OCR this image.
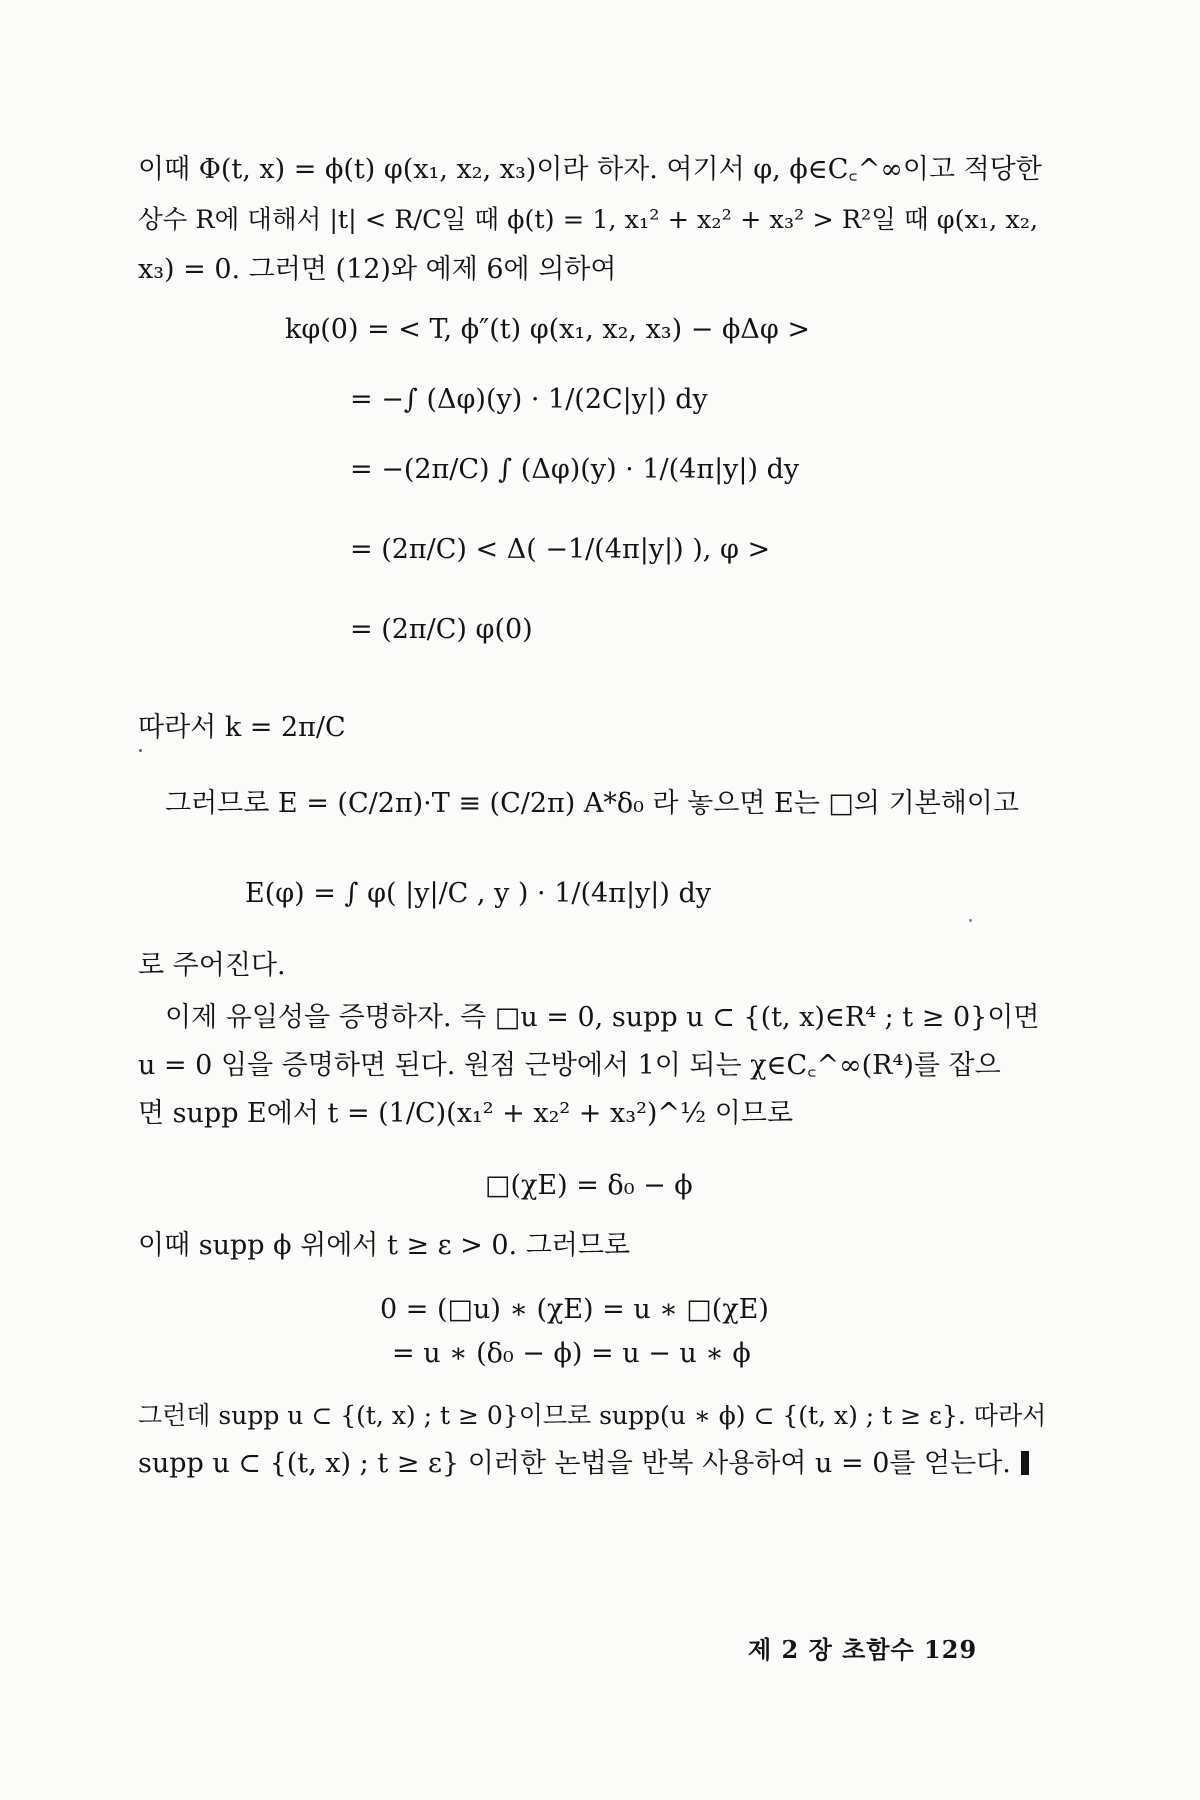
이때 Φ(t, x) = ϕ(t) φ(x₁, x₂, x₃)이라 하자. 여기서 φ, ϕ∈C꜀^∞이고 적당한
상수 R에 대해서 |t| < R/C일 때 ϕ(t) = 1, x₁² + x₂² + x₃² > R²일 때 φ(x₁, x₂,
x₃) = 0. 그러면 (12)와 예제 6에 의하여
kφ(0) = < T, ϕ″(t) φ(x₁, x₂, x₃) − ϕΔφ >
= −∫ (Δφ)(y) · 1/(2C|y|) dy
= −(2π/C) ∫ (Δφ)(y) · 1/(4π|y|) dy
= (2π/C) < Δ( −1/(4π|y|) ), φ >
= (2π/C) φ(0)
따라서 k = 2π/C
그러므로 E = (C/2π)·T ≡ (C/2π) A*δ₀ 라 놓으면 E는 □의 기본해이고
E(φ) = ∫ φ( |y|/C , y ) · 1/(4π|y|) dy
로 주어진다.
이제 유일성을 증명하자. 즉 □u = 0, supp u ⊂ {(t, x)∈R⁴ ; t ≥ 0}이면
u = 0 임을 증명하면 된다. 원점 근방에서 1이 되는 χ∈C꜀^∞(R⁴)를 잡으
면 supp E에서 t = (1/C)(x₁² + x₂² + x₃²)^½ 이므로
□(χE) = δ₀ − ϕ
이때 supp ϕ 위에서 t ≥ ε > 0. 그러므로
0 = (□u) ∗ (χE) = u ∗ □(χE)
= u ∗ (δ₀ − ϕ) = u − u ∗ ϕ
그런데 supp u ⊂ {(t, x) ; t ≥ 0}이므로 supp(u ∗ ϕ) ⊂ {(t, x) ; t ≥ ε}. 따라서
supp u ⊂ {(t, x) ; t ≥ ε} 이러한 논법을 반복 사용하여 u = 0를 얻는다.
제 2 장 초함수 129
